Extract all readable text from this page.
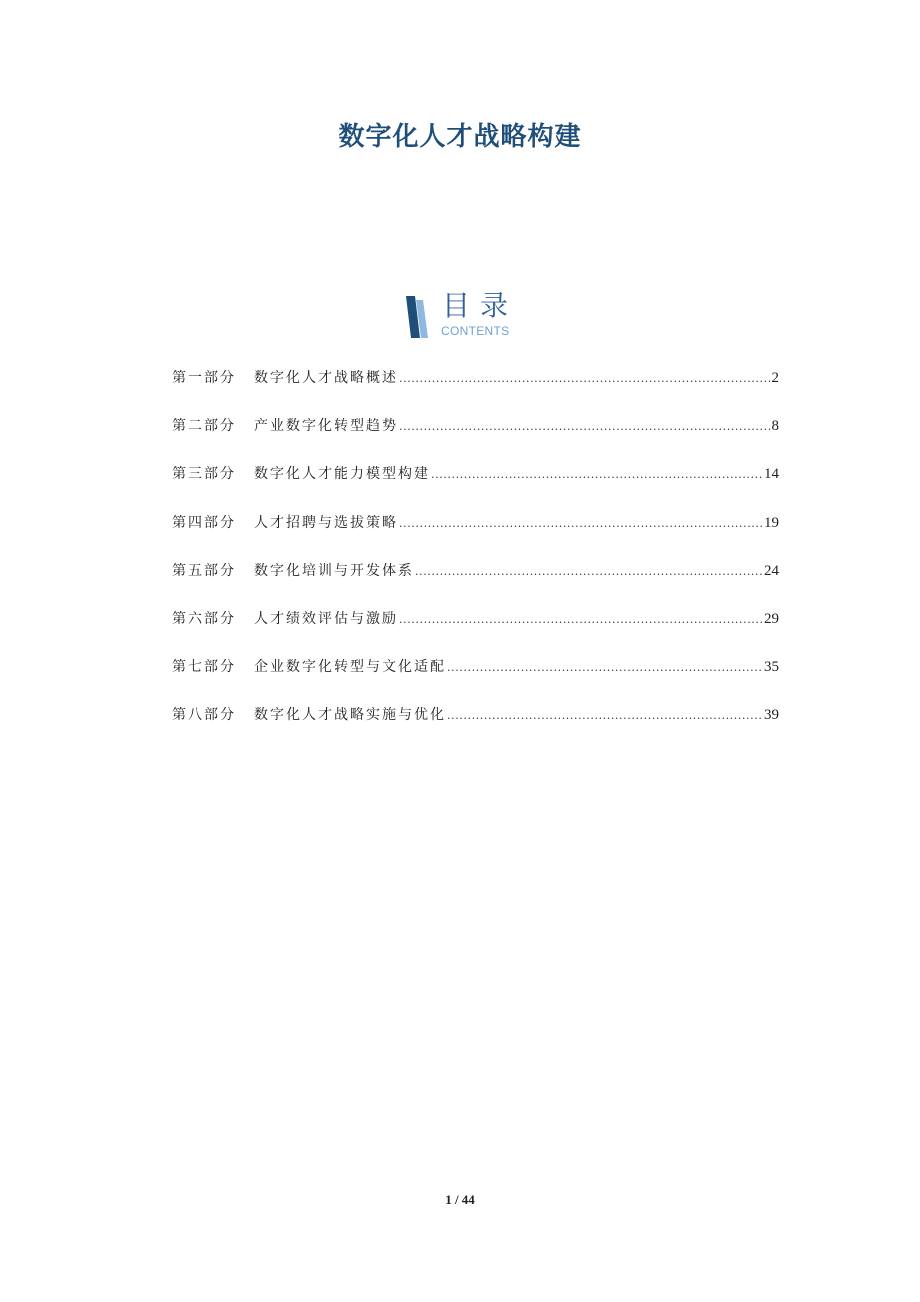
数字化人才战略构建
目录
CONTENTS
第一部分	数字化人才战略概述 .....	2
第二部分	产业数字化转型趋势 .....	8
第三部分	数字化人才能力模型构建 .....	14
第四部分	人才招聘与选拔策略 .....	19
第五部分	数字化培训与开发体系 .....	24
第六部分	人才绩效评估与激励 .....	29
第七部分	企业数字化转型与文化适配 .....	35
第八部分	数字化人才战略实施与优化 .....	39
1 / 44
